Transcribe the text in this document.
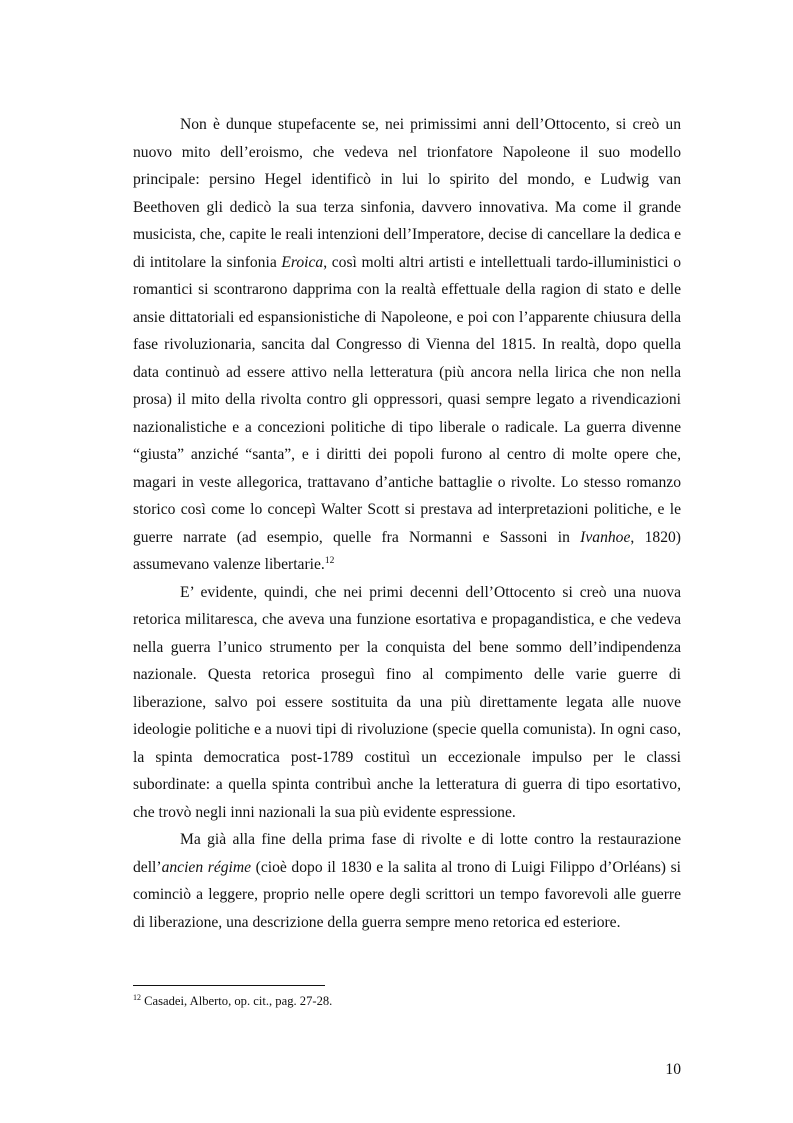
Non è dunque stupefacente se, nei primissimi anni dell’Ottocento, si creò un nuovo mito dell’eroismo, che vedeva nel trionfatore Napoleone il suo modello principale: persino Hegel identificò in lui lo spirito del mondo, e Ludwig van Beethoven gli dedicò la sua terza sinfonia, davvero innovativa. Ma come il grande musicista, che, capite le reali intenzioni dell’Imperatore, decise di cancellare la dedica e di intitolare la sinfonia Eroica, così molti altri artisti e intellettuali tardo-illuministici o romantici si scontrarono dapprima con la realtà effettuale della ragion di stato e delle ansie dittatoriali ed espansionistiche di Napoleone, e poi con l’apparente chiusura della fase rivoluzionaria, sancita dal Congresso di Vienna del 1815. In realtà, dopo quella data continuò ad essere attivo nella letteratura (più ancora nella lirica che non nella prosa) il mito della rivolta contro gli oppressori, quasi sempre legato a rivendicazioni nazionalistiche e a concezioni politiche di tipo liberale o radicale. La guerra divenne “giusta” anziché “santa”, e i diritti dei popoli furono al centro di molte opere che, magari in veste allegorica, trattavano d’antiche battaglie o rivolte. Lo stesso romanzo storico così come lo concepì Walter Scott si prestava ad interpretazioni politiche, e le guerre narrate (ad esempio, quelle fra Normanni e Sassoni in Ivanhoe, 1820) assumevano valenze libertarie.$^{12}$

E’ evidente, quindi, che nei primi decenni dell’Ottocento si creò una nuova retorica militaresca, che aveva una funzione esortativa e propagandistica, e che vedeva nella guerra l’unico strumento per la conquista del bene sommo dell’indipendenza nazionale. Questa retorica proseguì fino al compimento delle varie guerre di liberazione, salvo poi essere sostituita da una più direttamente legata alle nuove ideologie politiche e a nuovi tipi di rivoluzione (specie quella comunista). In ogni caso, la spinta democratica post-1789 costituì un eccezionale impulso per le classi subordinate: a quella spinta contribuì anche la letteratura di guerra di tipo esortativo, che trovò negli inni nazionali la sua più evidente espressione.

Ma già alla fine della prima fase di rivolte e di lotte contro la restaurazione dell’ancien régime (cioè dopo il 1830 e la salita al trono di Luigi Filippo d’Orléans) si cominciò a leggere, proprio nelle opere degli scrittori un tempo favorevoli alle guerre di liberazione, una descrizione della guerra sempre meno retorica ed esteriore.

$^{12}$ Casadei, Alberto, op. cit., pag. 27-28.

10
